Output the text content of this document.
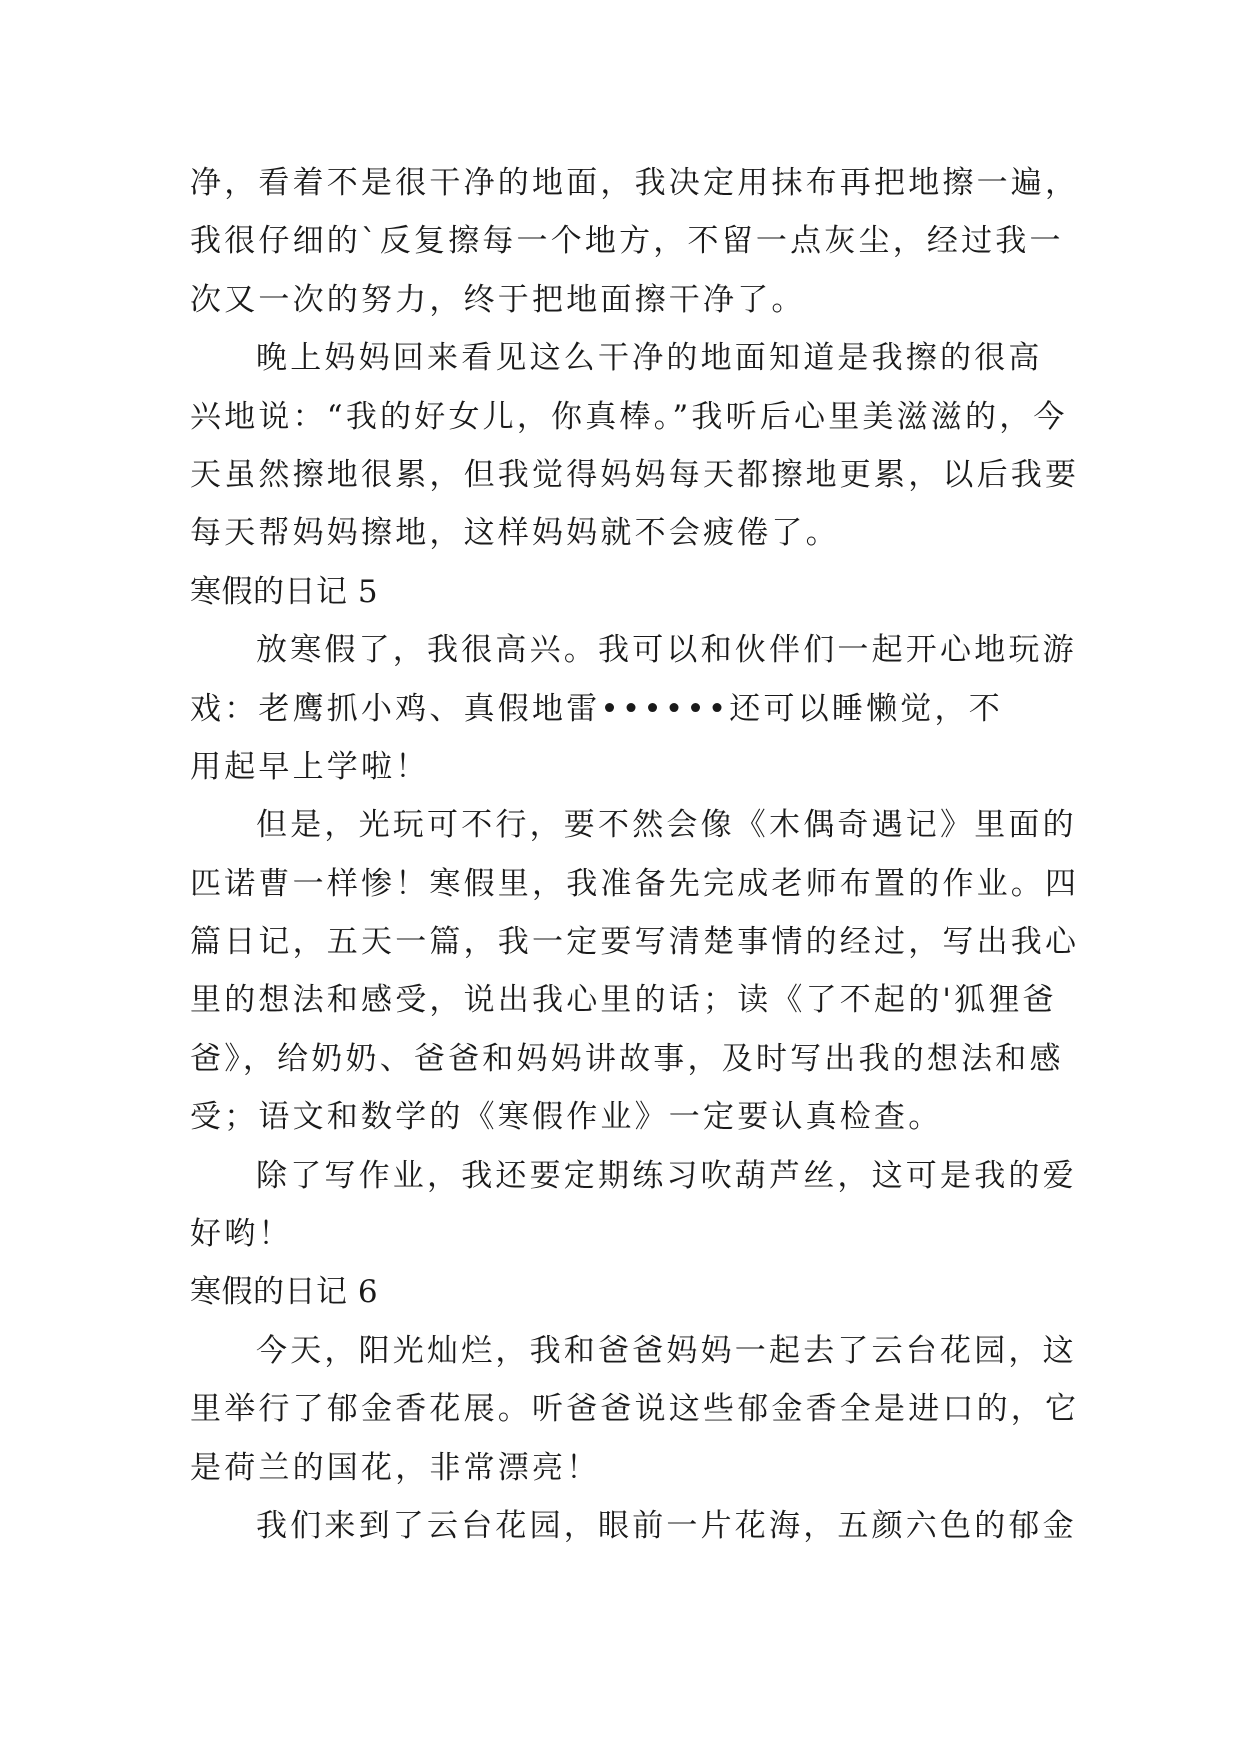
净，看着不是很干净的地面，我决定用抹布再把地擦一遍，
我很仔细的`反复擦每一个地方，不留一点灰尘，经过我一
次又一次的努力，终于把地面擦干净了。
晚上妈妈回来看见这么干净的地面知道是我擦的很高
兴地说：“我的好女儿，你真棒。”我听后心里美滋滋的，今
天虽然擦地很累，但我觉得妈妈每天都擦地更累，以后我要
每天帮妈妈擦地，这样妈妈就不会疲倦了。
寒假的日记 5
放寒假了，我很高兴。我可以和伙伴们一起开心地玩游
戏：老鹰抓小鸡、真假地雷••••••还可以睡懒觉，不
用起早上学啦！
但是，光玩可不行，要不然会像《木偶奇遇记》里面的
匹诺曹一样惨！寒假里，我准备先完成老师布置的作业。四
篇日记，五天一篇，我一定要写清楚事情的经过，写出我心
里的想法和感受，说出我心里的话；读《了不起的'狐狸爸
爸》，给奶奶、爸爸和妈妈讲故事，及时写出我的想法和感
受；语文和数学的《寒假作业》一定要认真检查。
除了写作业，我还要定期练习吹葫芦丝，这可是我的爱
好哟！
寒假的日记 6
今天，阳光灿烂，我和爸爸妈妈一起去了云台花园，这
里举行了郁金香花展。听爸爸说这些郁金香全是进口的，它
是荷兰的国花，非常漂亮！
我们来到了云台花园，眼前一片花海，五颜六色的郁金
